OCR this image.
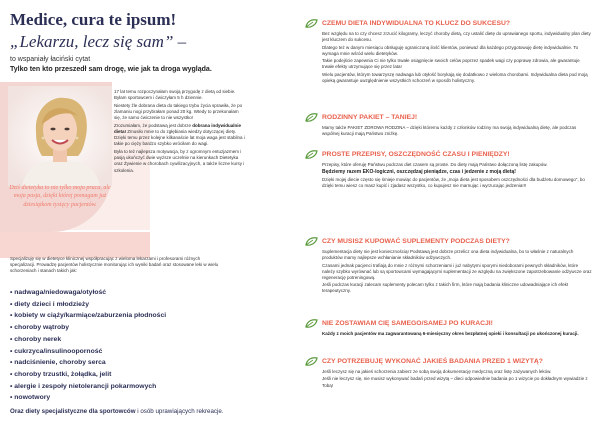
Medice, cura te ipsum!
„Lekarzu, lecz się sam” –
to wspaniały łaciński cytat
Tylko ten kto przeszedł sam drogę, wie jak ta droga wygląda.
Dziś dietetyka to nie tylko moja praca, ale moja pasja, dzięki której pomagam już dziesiątkom tysięcy pacjentów.

17 lat temu rozpoczynałam swoją przygodę z dietą od siebie. Byłam sportowcem i ćwiczyłam 5 h dziennie.

Niestety źle dobrana dieta do takiego trybu życia sprawiła, że po zlamaniu nogi przybrałam ponad 20 kg. Wtedy to przekonałam się, że samo ćwiczenie to nie wszystko!

Zrozumiałam, że podstawą jest dobrze dobrana indywidualnie dieta! Zmusiło mnie to do zgłębiania wiedzy dotyczącej diety. Dzięki temu przez kolejne kilkanaście lat moja waga jest stabilna i takie po cięży bardzo szybko wróciłam do wagi.

Była to też najlepsza motywacja, by z ogromnym entuzjazmem i pasją ukończyć dwie wyższe uczelnie na kierunkach Dietetyka oraz Żywienie w chorobach cywilizacyjnych, a także liczne kursy i szkolenia.

Specjalizuję się w dietetyce klinicznej współpracując z wieloma lekarzami i profesorami różnych specjalizacji. Prowadzę pacjentów holistycznie monitorując ich wyniki badań oraz stosowane leki w wielu schorzeniach i stanach takich jak:

• nadwaga/niedowaga/otyłość
• diety dzieci i młodzieży
• kobiety w ciąży/karmiące/zaburzenia płodności
• choroby wątroby
• choroby nerek
• cukrzyca/insulinooporność
• nadciśnienie, choroby serca
• choroby trzustki, żołądka, jelit
• alergie i zespoły nietolerancji pokarmowych
• nowotwory
Oraz diety specjalistyczne dla sportowców i osób uprawiających rekreacje.
CZEMU DIETA INDYWIDUALNA TO KLUCZ DO SUKCESU?

Bez względu na to czy chcesz zrzucić kilogramy, leczyć choroby dietą, czy ustalić dietę do uprawianego sportu, indywidualny plan diety jest kluczem do sukcesu.

Dlatego też w danym miesiącu obsługuję ograniczoną ilość klientów, ponieważ dla każdego przygotowuję dietę indywidualnie. To wymaga mnie wśród wielu dietetyków.

Takie podejście zapewnia Ci nie tylko trwałe osiągnięcie swoich celów poprzez spadek wagi czy poprawę zdrowia, ale gwarantuje trwałe efekty utrzymujące się przez lata!

Wielu pacjentów, którym towarzyszę nadwaga lub otyłość borykają się dodatkowo z wieloma chorobami. Indywidualna dieta pod moją opieką gwarantuje uwzględnienie wszystkich schorzeń w sposób holistyczny.

RODZINNY PAKIET – TANIEJ!

Mamy także PAKIET ZDROWA RODZINA – dzięki któremu każdy z członków rodziny ma swoją indywidualną dietę, ale podczas wspólnej kuracji mają Państwo zniżkę.

PROSTE PRZEPISY, OSZCZĘDNOŚĆ CZASU I PIENIĘDZY!

Przepisy, które oferuję Państwu podczas diet czasem są proste. Do diety mają Państwo dołączoną listę zakupów.

Będziemy razem EKO-logiczni, oszczędzaj pieniądze, czas i jedzenie z moją dietą!

Dzięki mojej diecie często się śmieje mowiąc do pacjentów, że „moja dieta jest sposobem oszczędności dla budżetu domowego”, bo dzięki temu wiesz co masz kupić i zjadasz wszystko, co kupujesz nie marnując i wyrzucając jedzenia!!!

CZY MUSISZ KUPOWAĆ SUPLEMENTY PODCZAS DIETY?

Suplementacja diety nie jest koniecznością! Podstawą jest dobrze przelicz ona dieta indywidualna, bo to właśnie z naturalnych produktów mamy najlepsze wchłanianie składników odżywczych.

Czasami jednak pacjenci trafiają do mnie z różnymi schorzeniami i już nabytymi sporymi niedoborami pewnych składników, które należy szybko wyrównać lub są sportowcami wymagającymi suplementacji ze względu na zwiększone zapotrzebowanie odżywcze oraz regenerację potreningową.

Jeśli podczas kuracji zalecam suplementy polecam tylko z takich firm, które mają badania kliniczne udowadniające ich efekt terapeutyczny.

NIE ZOSTAWIAM CIĘ SAMEGO/SAMEJ PO KURACJI!

Każdy z moich pacjentów ma zagwarantowaną 6-miesięczny okres bezpłatnej opieki i konsultacji po ukończonej kuracji.

CZY POTRZEBUJĘ WYKONAĆ JAKIEŚ BADANIA PRZED 1 WIZYTĄ?

Jeśli leczysz się na jakieś schorzenia zabierz ze sobą swoją dokumentację medyczną oraz listę zażywanych leków.

Jeśli nie leczysz się, nie musisz wykonywać badań przed wizytą – dieci odpowiednie badania po 1 wizycie po dokładnym wywiadzie z Tobą!
